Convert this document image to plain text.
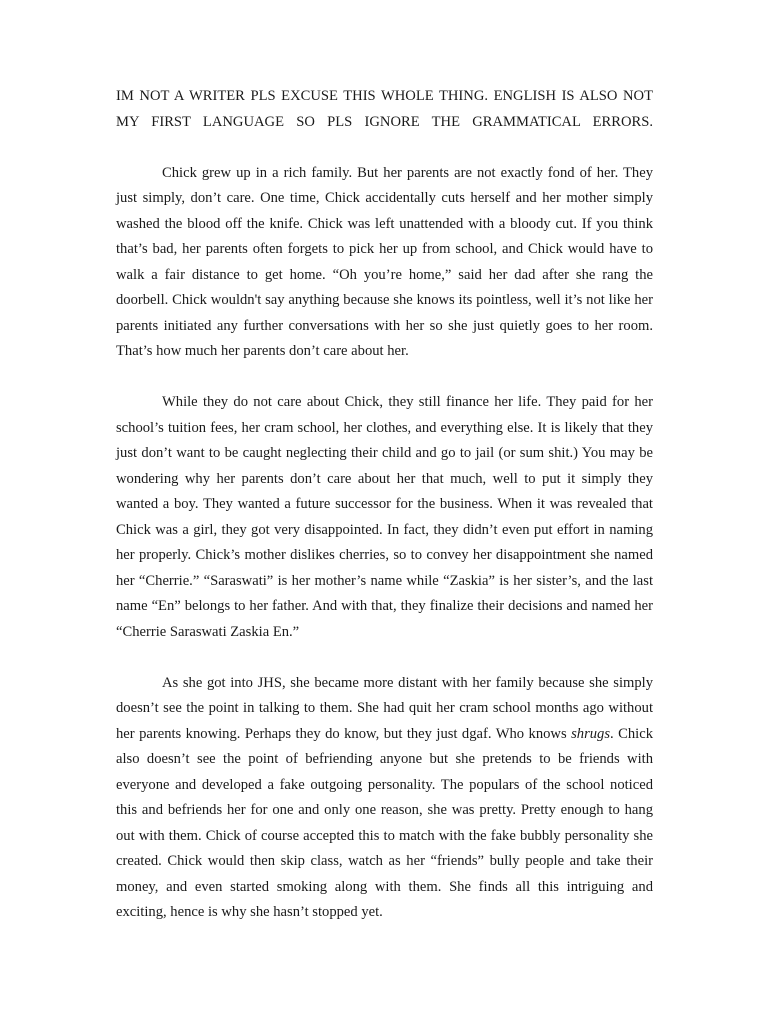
IM NOT A WRITER PLS EXCUSE THIS WHOLE THING. ENGLISH IS ALSO NOT MY FIRST LANGUAGE SO PLS IGNORE THE GRAMMATICAL ERRORS.

Chick grew up in a rich family. But her parents are not exactly fond of her. They just simply, don’t care. One time, Chick accidentally cuts herself and her mother simply washed the blood off the knife. Chick was left unattended with a bloody cut. If you think that’s bad, her parents often forgets to pick her up from school, and Chick would have to walk a fair distance to get home. “Oh you’re home,” said her dad after she rang the doorbell. Chick wouldn't say anything because she knows its pointless, well it’s not like her parents initiated any further conversations with her so she just quietly goes to her room. That’s how much her parents don’t care about her.

While they do not care about Chick, they still finance her life. They paid for her school’s tuition fees, her cram school, her clothes, and everything else. It is likely that they just don’t want to be caught neglecting their child and go to jail (or sum shit.) You may be wondering why her parents don’t care about her that much, well to put it simply they wanted a boy. They wanted a future successor for the business. When it was revealed that Chick was a girl, they got very disappointed. In fact, they didn’t even put effort in naming her properly. Chick’s mother dislikes cherries, so to convey her disappointment she named her “Cherrie.” “Saraswati” is her mother’s name while “Zaskia” is her sister’s, and the last name “En” belongs to her father. And with that, they finalize their decisions and named her “Cherrie Saraswati Zaskia En.”

As she got into JHS, she became more distant with her family because she simply doesn’t see the point in talking to them. She had quit her cram school months ago without her parents knowing. Perhaps they do know, but they just dgaf. Who knows shrugs. Chick also doesn’t see the point of befriending anyone but she pretends to be friends with everyone and developed a fake outgoing personality. The populars of the school noticed this and befriends her for one and only one reason, she was pretty. Pretty enough to hang out with them. Chick of course accepted this to match with the fake bubbly personality she created. Chick would then skip class, watch as her “friends” bully people and take their money, and even started smoking along with them. She finds all this intriguing and exciting, hence is why she hasn’t stopped yet.
